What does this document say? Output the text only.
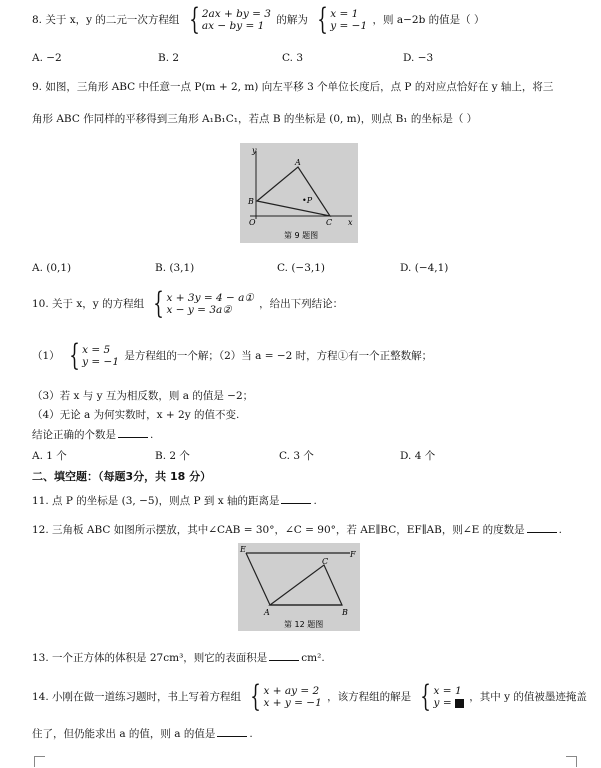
8. 关于 x，y 的二元一次方程组 { 2ax + by = 3
ax − by = 1	的解为 { x = 1
y = −1 ，则 a−2b 的值是（ ）
A. −2	B. 2	C. 3	D. −3
9. 如图，三角形 ABC 中任意一点 P(m + 2, m) 向左平移 3 个单位长度后，点 P 的对应点恰好在 y 轴上，将三
角形 ABC 作同样的平移得到三角形 A₁B₁C₁，若点 B 的坐标是 (0, m)，则点 B₁ 的坐标是（ ）
y
x
A
B
O	C
•P
第 9 题图
A. (0,1)	B. (3,1)	C. (−3,1)	D. (−4,1)
10. 关于 x，y 的方程组 { x + 3y = 4 − a①
x − y = 3a②	，给出下列结论：
（1） { x = 5
y = −1 是方程组的一个解；（2）当 a = −2 时，方程①有一个正整数解；
（3）若 x 与 y 互为相反数，则 a 的值是 −2；
（4）无论 a 为何实数时，x + 2y 的值不变.
结论正确的个数是	.
A. 1 个	B. 2 个	C. 3 个	D. 4 个
二、填空题：（每题3分，共 18 分）
11. 点 P 的坐标是 (3, −5)，则点 P 到 x 轴的距离是	.
12. 三角板 ABC 如图所示摆放，其中∠CAB = 30°，∠C = 90°，若 AE∥BC，EF∥AB，则∠E 的度数是	.
E
F
C
A	B
第 12 题图
13. 一个正方体的体积是 27cm³，则它的表面积是	cm².
14. 小刚在做一道练习题时，书上写着方程组 { x + ay = 2
x + y = −1 ，该方程组的解是 { x = 1
y =	，其中 y 的值被墨迹掩盖
住了，但仍能求出 a 的值，则 a 的值是	.
